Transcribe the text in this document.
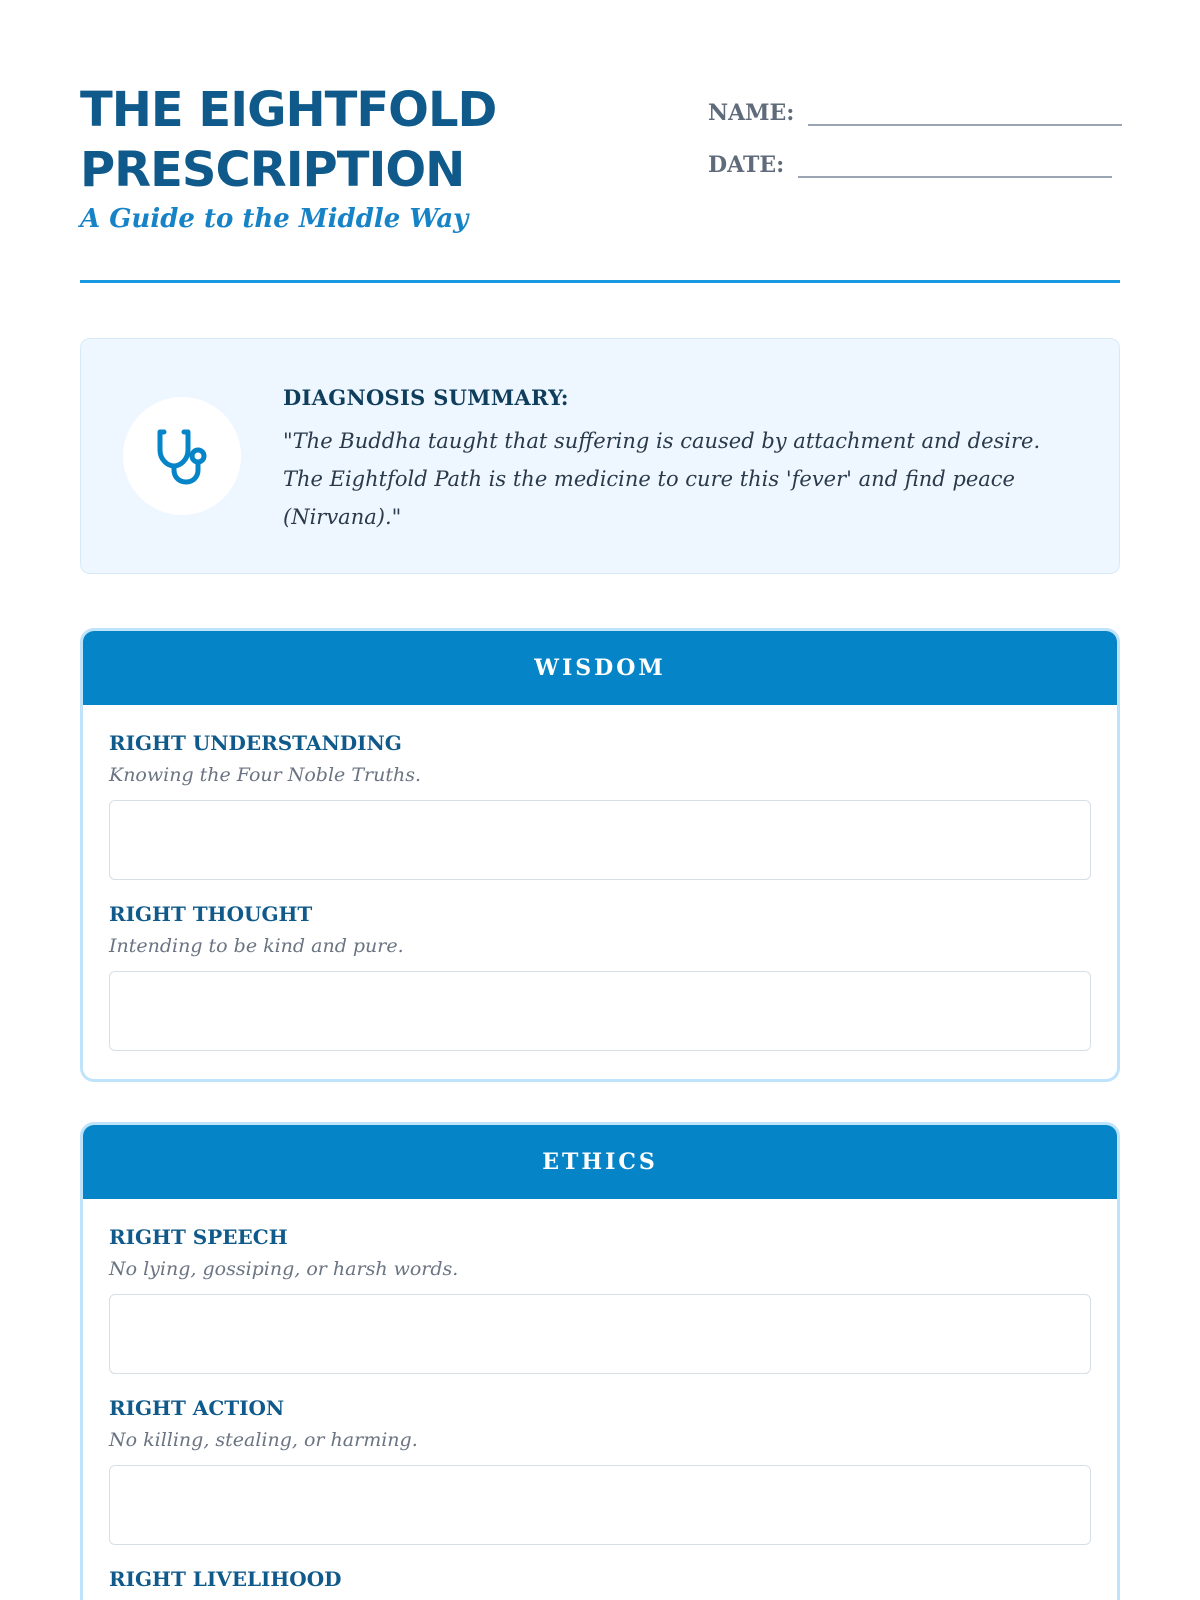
THE EIGHTFOLD PRESCRIPTION
A Guide to the Middle Way
NAME:
DATE:
DIAGNOSIS SUMMARY:
"The Buddha taught that suffering is caused by attachment and desire. The Eightfold Path is the medicine to cure this 'fever' and find peace (Nirvana)."
WISDOM
RIGHT UNDERSTANDING
Knowing the Four Noble Truths.
RIGHT THOUGHT
Intending to be kind and pure.
ETHICS
RIGHT SPEECH
No lying, gossiping, or harsh words.
RIGHT ACTION
No killing, stealing, or harming.
RIGHT LIVELIHOOD
